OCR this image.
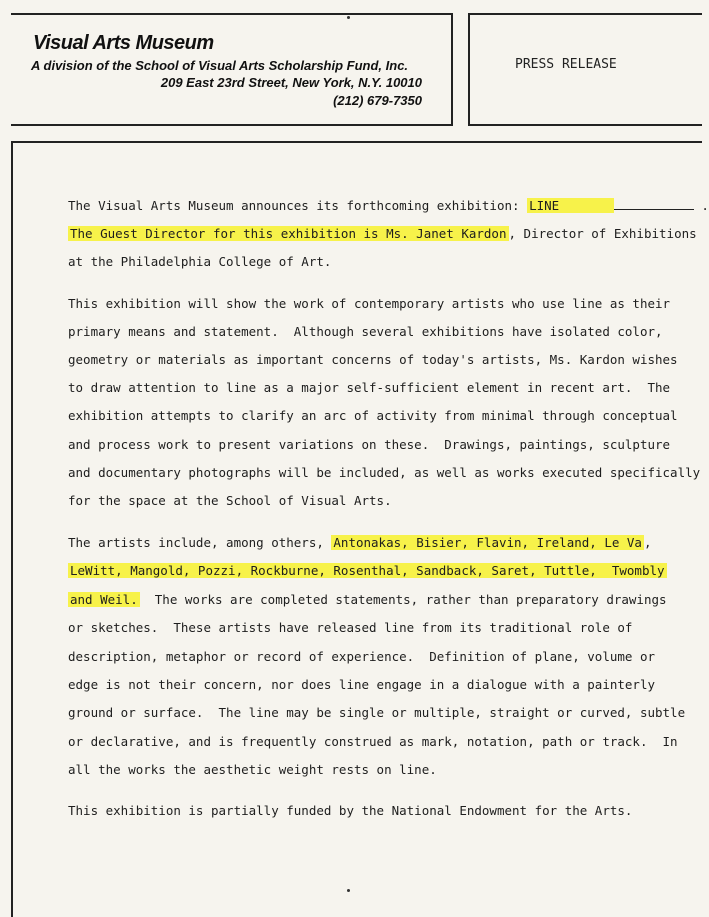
Visual Arts Museum
A division of the School of Visual Arts Scholarship Fund, Inc.
209 East 23rd Street, New York, N.Y. 10010
(212) 679-7350
PRESS RELEASE
The Visual Arts Museum announces its forthcoming exhibition: LINE	.
The Guest Director for this exhibition is Ms. Janet Kardon , Director of Exhibitions
at the Philadelphia College of Art.
This exhibition will show the work of contemporary artists who use line as their
primary means and statement.  Although several exhibitions have isolated color,
geometry or materials as important concerns of today's artists, Ms. Kardon wishes
to draw attention to line as a major self-sufficient element in recent art.  The
exhibition attempts to clarify an arc of activity from minimal through conceptual
and process work to present variations on these.  Drawings, paintings, sculpture
and documentary photographs will be included, as well as works executed specifically
for the space at the School of Visual Arts.
The artists include, among others, Antonakas, Bisier, Flavin, Ireland, Le Va ,
LeWitt, Mangold, Pozzi, Rockburne, Rosenthal, Sandback, Saret, Tuttle,  Twombly
and Weil.  The works are completed statements, rather than preparatory drawings
or sketches.  These artists have released line from its traditional role of
description, metaphor or record of experience.  Definition of plane, volume or
edge is not their concern, nor does line engage in a dialogue with a painterly
ground or surface.  The line may be single or multiple, straight or curved, subtle
or declarative, and is frequently construed as mark, notation, path or track.  In
all the works the aesthetic weight rests on line.
This exhibition is partially funded by the National Endowment for the Arts.
